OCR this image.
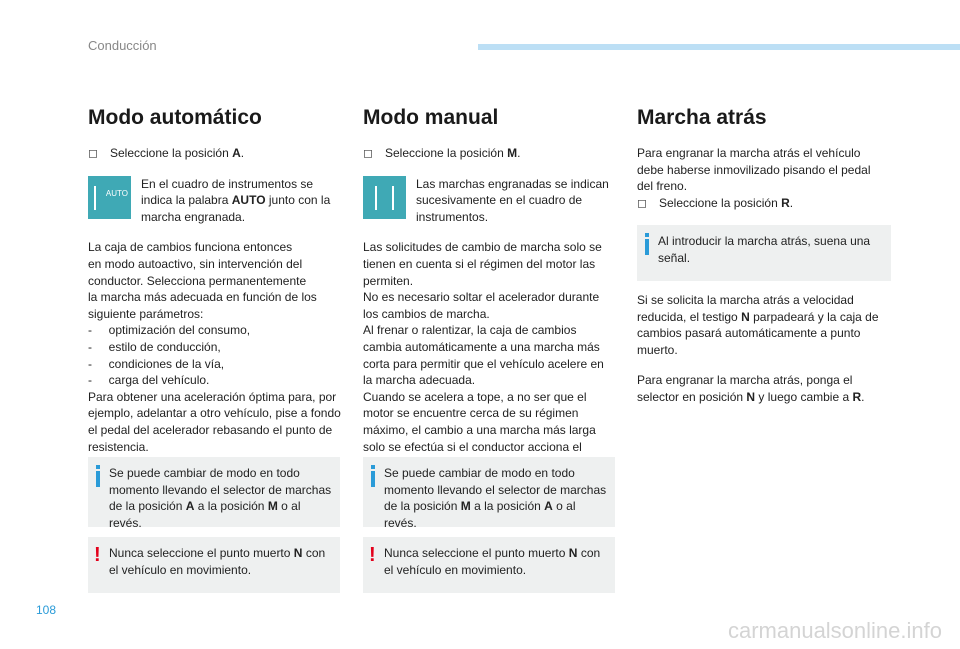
Conducción
Modo automático
◻	Seleccione la posición A.
AUTO
En el cuadro de instrumentos se indica la palabra AUTO junto con la marcha engranada.
La caja de cambios funciona entonces
en modo autoactivo, sin intervención del
conductor. Selecciona permanentemente
la marcha más adecuada en función de los
siguiente parámetros:
-     optimización del consumo,
-     estilo de conducción,
-     condiciones de la vía,
-     carga del vehículo.
Para obtener una aceleración óptima para, por
ejemplo, adelantar a otro vehículo, pise a fondo
el pedal del acelerador rebasando el punto de
resistencia.
Se puede cambiar de modo en todo momento llevando el selector de marchas de la posición A a la posición M o al revés.
! Nunca seleccione el punto muerto N con el vehículo en movimiento.
Modo manual
◻	Seleccione la posición M.
Las marchas engranadas se indican sucesivamente en el cuadro de instrumentos.
Las solicitudes de cambio de marcha solo se
tienen en cuenta si el régimen del motor las
permiten.
No es necesario soltar el acelerador durante
los cambios de marcha.
Al frenar o ralentizar, la caja de cambios
cambia automáticamente a una marcha más
corta para permitir que el vehículo acelere en
la marcha adecuada.
Cuando se acelera a tope, a no ser que el
motor se encuentre cerca de su régimen
máximo, el cambio a una marcha más larga
solo se efectúa si el conductor acciona el
Se puede cambiar de modo en todo momento llevando el selector de marchas de la posición M a la posición A o al revés.
! Nunca seleccione el punto muerto N con el vehículo en movimiento.
Marcha atrás
Para engranar la marcha atrás el vehículo debe haberse inmovilizado pisando el pedal del freno.
◻	Seleccione la posición R.
Al introducir la marcha atrás, suena una señal.
Si se solicita la marcha atrás a velocidad reducida, el testigo N parpadeará y la caja de cambios pasará automáticamente a punto muerto.
Para engranar la marcha atrás, ponga el selector en posición N y luego cambie a R.
108
carmanualsonline.info
